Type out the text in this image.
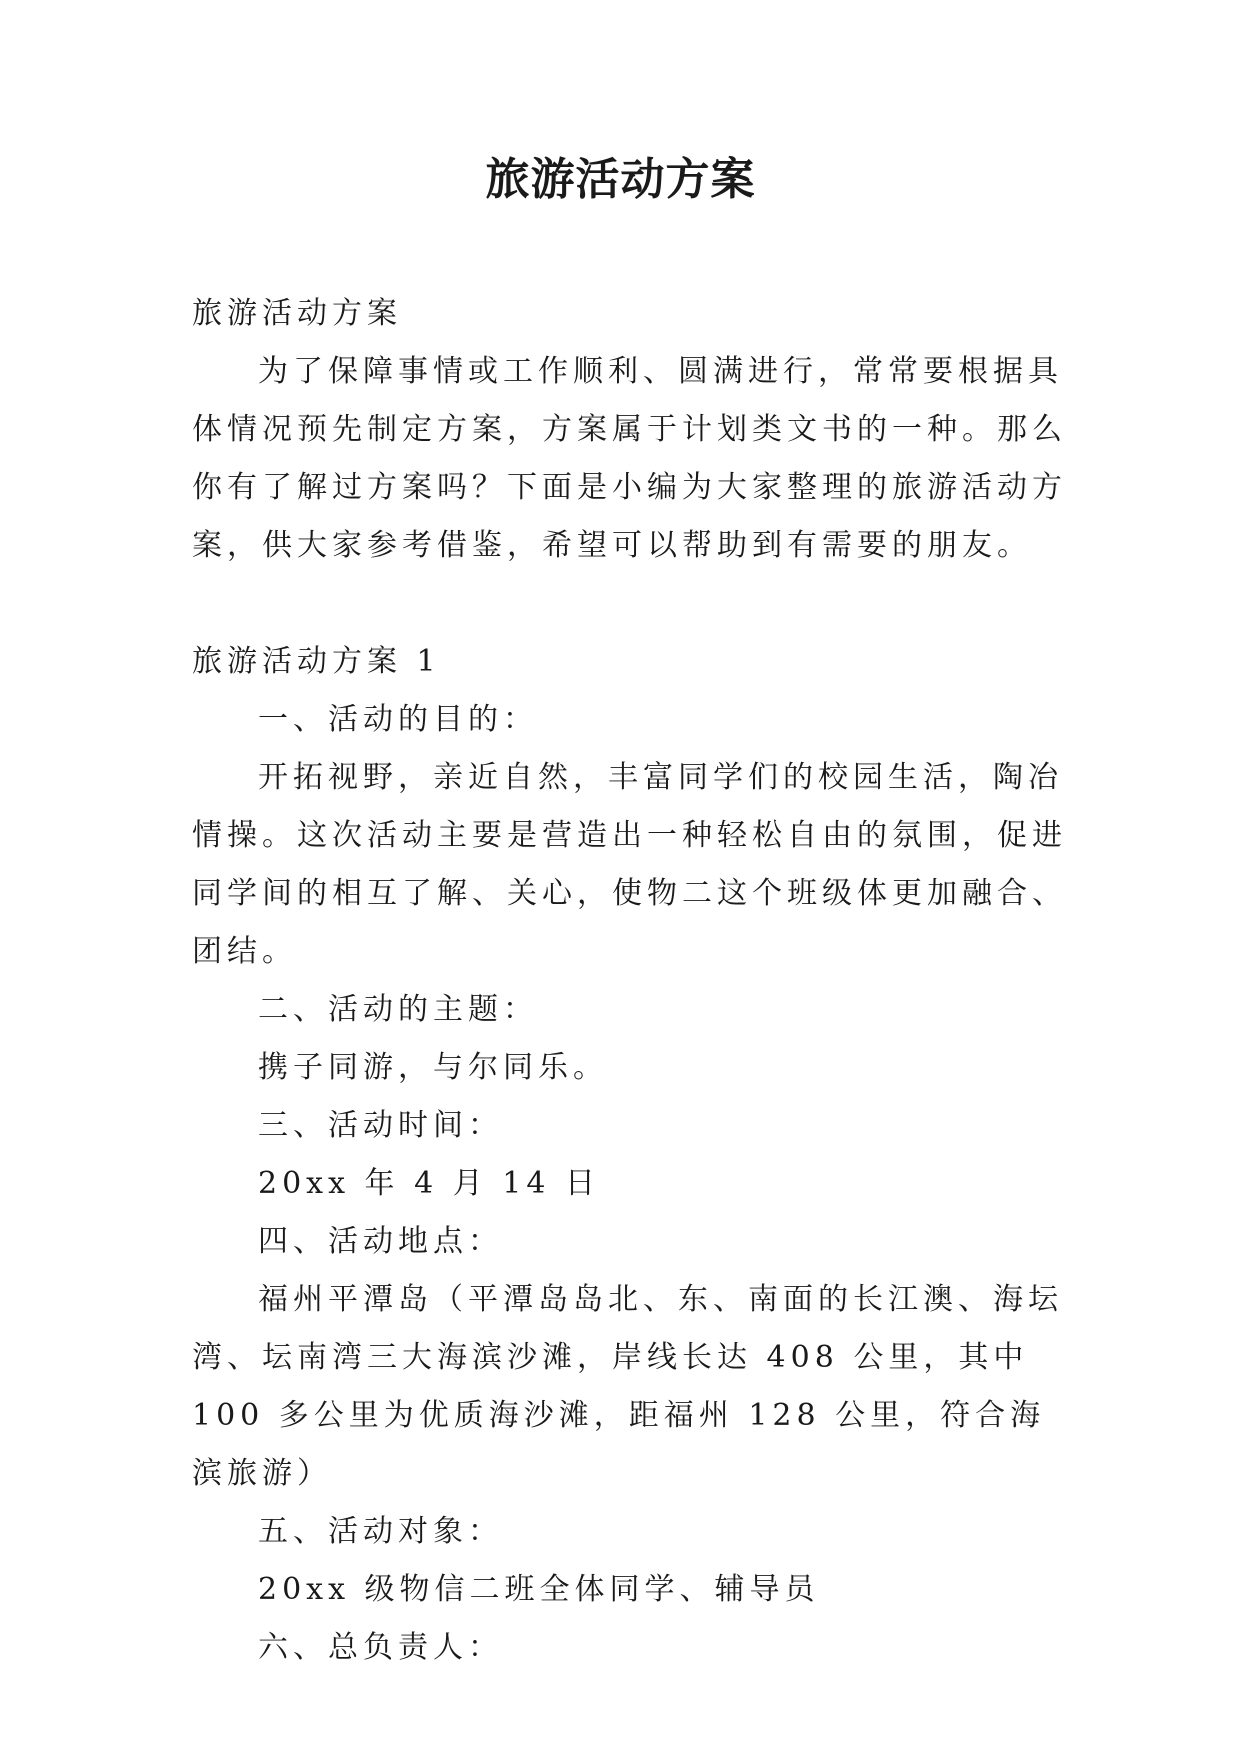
旅游活动方案

旅游活动方案

为了保障事情或工作顺利、圆满进行，常常要根据具体情况预先制定方案，方案属于计划类文书的一种。那么你有了解过方案吗？下面是小编为大家整理的旅游活动方案，供大家参考借鉴，希望可以帮助到有需要的朋友。

旅游活动方案 1

一、活动的目的：

开拓视野，亲近自然，丰富同学们的校园生活，陶冶情操。这次活动主要是营造出一种轻松自由的氛围，促进同学间的相互了解、关心，使物二这个班级体更加融合、团结。

二、活动的主题：

携子同游，与尔同乐。

三、活动时间：

20xx 年 4 月 14 日

四、活动地点：

福州平潭岛（平潭岛岛北、东、南面的长江澳、海坛湾、坛南湾三大海滨沙滩，岸线长达 408 公里，其中 100 多公里为优质海沙滩，距福州 128 公里，符合海滨旅游）

五、活动对象：

20xx 级物信二班全体同学、辅导员

六、总负责人：
